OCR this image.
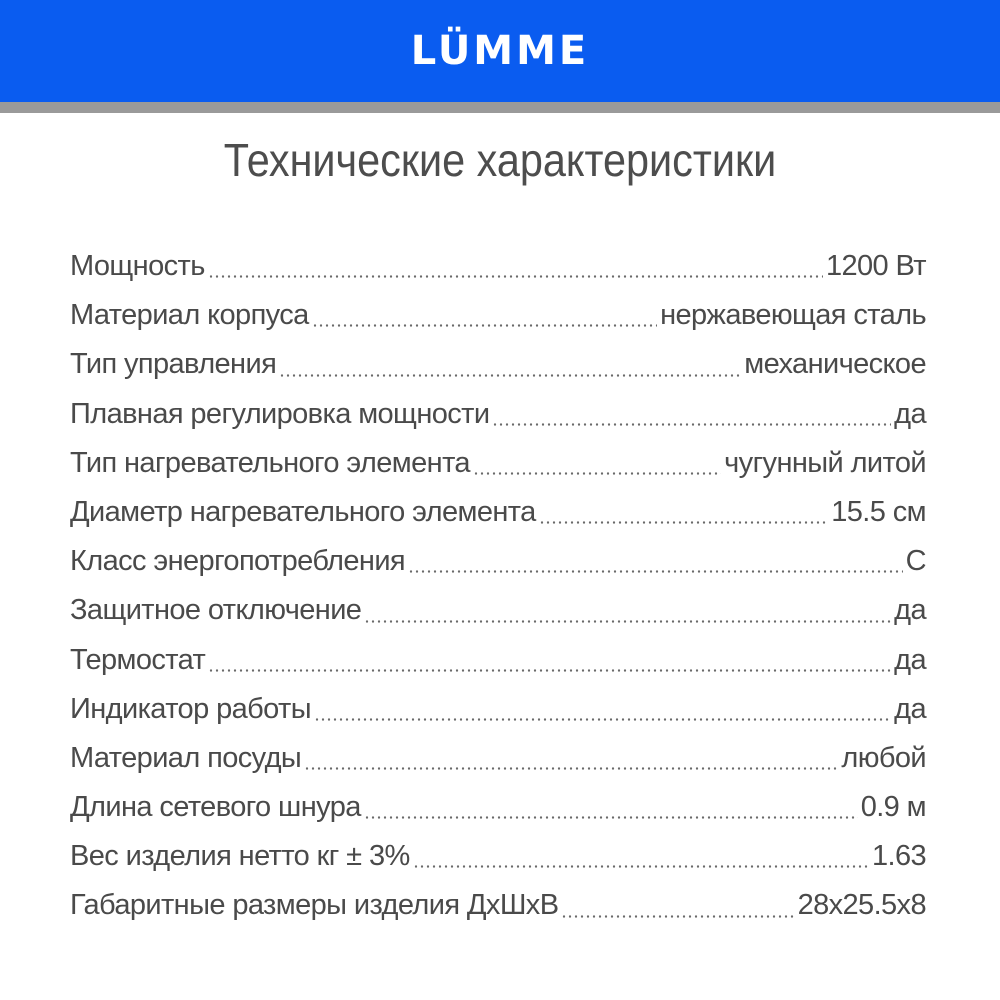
LÜMME
Технические характеристики
Мощность	1200 Вт
Материал корпуса	нержавеющая сталь
Тип управления	механическое
Плавная регулировка мощности	да
Тип нагревательного элемента	чугунный литой
Диаметр нагревательного элемента	15.5 см
Класс энергопотребления	C
Защитное отключение	да
Термостат	да
Индикатор работы	да
Материал посуды	любой
Длина сетевого шнура	0.9 м
Вес изделия нетто кг ± 3%	1.63
Габаритные размеры изделия ДхШхВ	28x25.5x8
